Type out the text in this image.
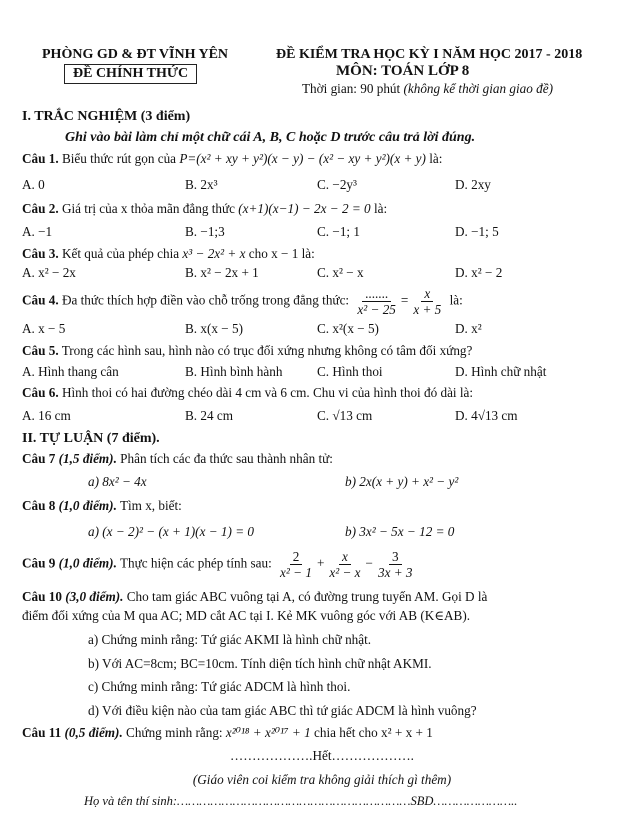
PHÒNG GD & ĐT VĨNH YÊN
ĐỀ CHÍNH THỨC
ĐỀ KIỂM TRA HỌC KỲ I NĂM HỌC 2017 - 2018
MÔN: TOÁN LỚP 8
Thời gian: 90 phút (không kể thời gian giao đề)
I. TRẮC NGHIỆM (3 điểm)
Ghi vào bài làm chỉ một chữ cái A, B, C hoặc D trước câu trả lời đúng.
Câu 1. Biểu thức rút gọn của P=(x² + xy + y²)(x − y) − (x² − xy + y²)(x + y) là:
A. 0	B. 2x³	C. −2y³	D. 2xy
Câu 2. Giá trị của x thỏa mãn đẳng thức (x+1)(x−1) − 2x − 2 = 0 là:
A. −1	B. −1;3	C. −1; 1	D. −1; 5
Câu 3. Kết quả của phép chia x³ − 2x² + x cho x − 1 là:
A. x² − 2x	B. x² − 2x + 1	C. x² − x	D. x² − 2
Câu 4. Đa thức thích hợp điền vào chỗ trống trong đẳng thức: $\frac{.......}{\text{x² − 25}} = \frac{x}{x + 5}$ là:
A. x − 5	B. x(x − 5)	C. x²(x − 5)	D. x²
Câu 5. Trong các hình sau, hình nào có trục đối xứng nhưng không có tâm đối xứng?
A. Hình thang cân	B. Hình bình hành	C. Hình thoi	D. Hình chữ nhật
Câu 6. Hình thoi có hai đường chéo dài 4 cm và 6 cm. Chu vi của hình thoi đó dài là:
A. 16 cm	B. 24 cm	C. √13 cm	D. 4√13 cm
II. TỰ LUẬN (7 điểm).
Câu 7 (1,5 điểm). Phân tích các đa thức sau thành nhân tử:
a) 8x² − 4x	b) 2x(x + y) + x² − y²
Câu 8 (1,0 điểm). Tìm x, biết:
a) (x − 2)² − (x + 1)(x − 1) = 0	b) 3x² − 5x − 12 = 0
Câu 9 (1,0 điểm). Thực hiện các phép tính sau: $\frac{2}{\text{x² − 1}} + \frac{x}{\text{x² − x}} - \frac{3}{3x + 3}$
Câu 10 (3,0 điểm). Cho tam giác ABC vuông tại A, có đường trung tuyến AM. Gọi D là
điểm đối xứng của M qua AC; MD cắt AC tại I. Kẻ MK vuông góc với AB (K∈AB).
a) Chứng minh rằng: Tứ giác AKMI là hình chữ nhật.
b) Với AC=8cm; BC=10cm. Tính diện tích hình chữ nhật AKMI.
c) Chứng minh rằng: Tứ giác ADCM là hình thoi.
d) Với điều kiện nào của tam giác ABC thì tứ giác ADCM là hình vuông?
Câu 11 (0,5 điểm). Chứng minh rằng: x²⁰¹⁸ + x²⁰¹⁷ + 1 chia hết cho x² + x + 1
……………….Hết……………….
(Giáo viên coi kiểm tra không giải thích gì thêm)
Họ và tên thí sinh:………………………………………………………SBD…………………..
